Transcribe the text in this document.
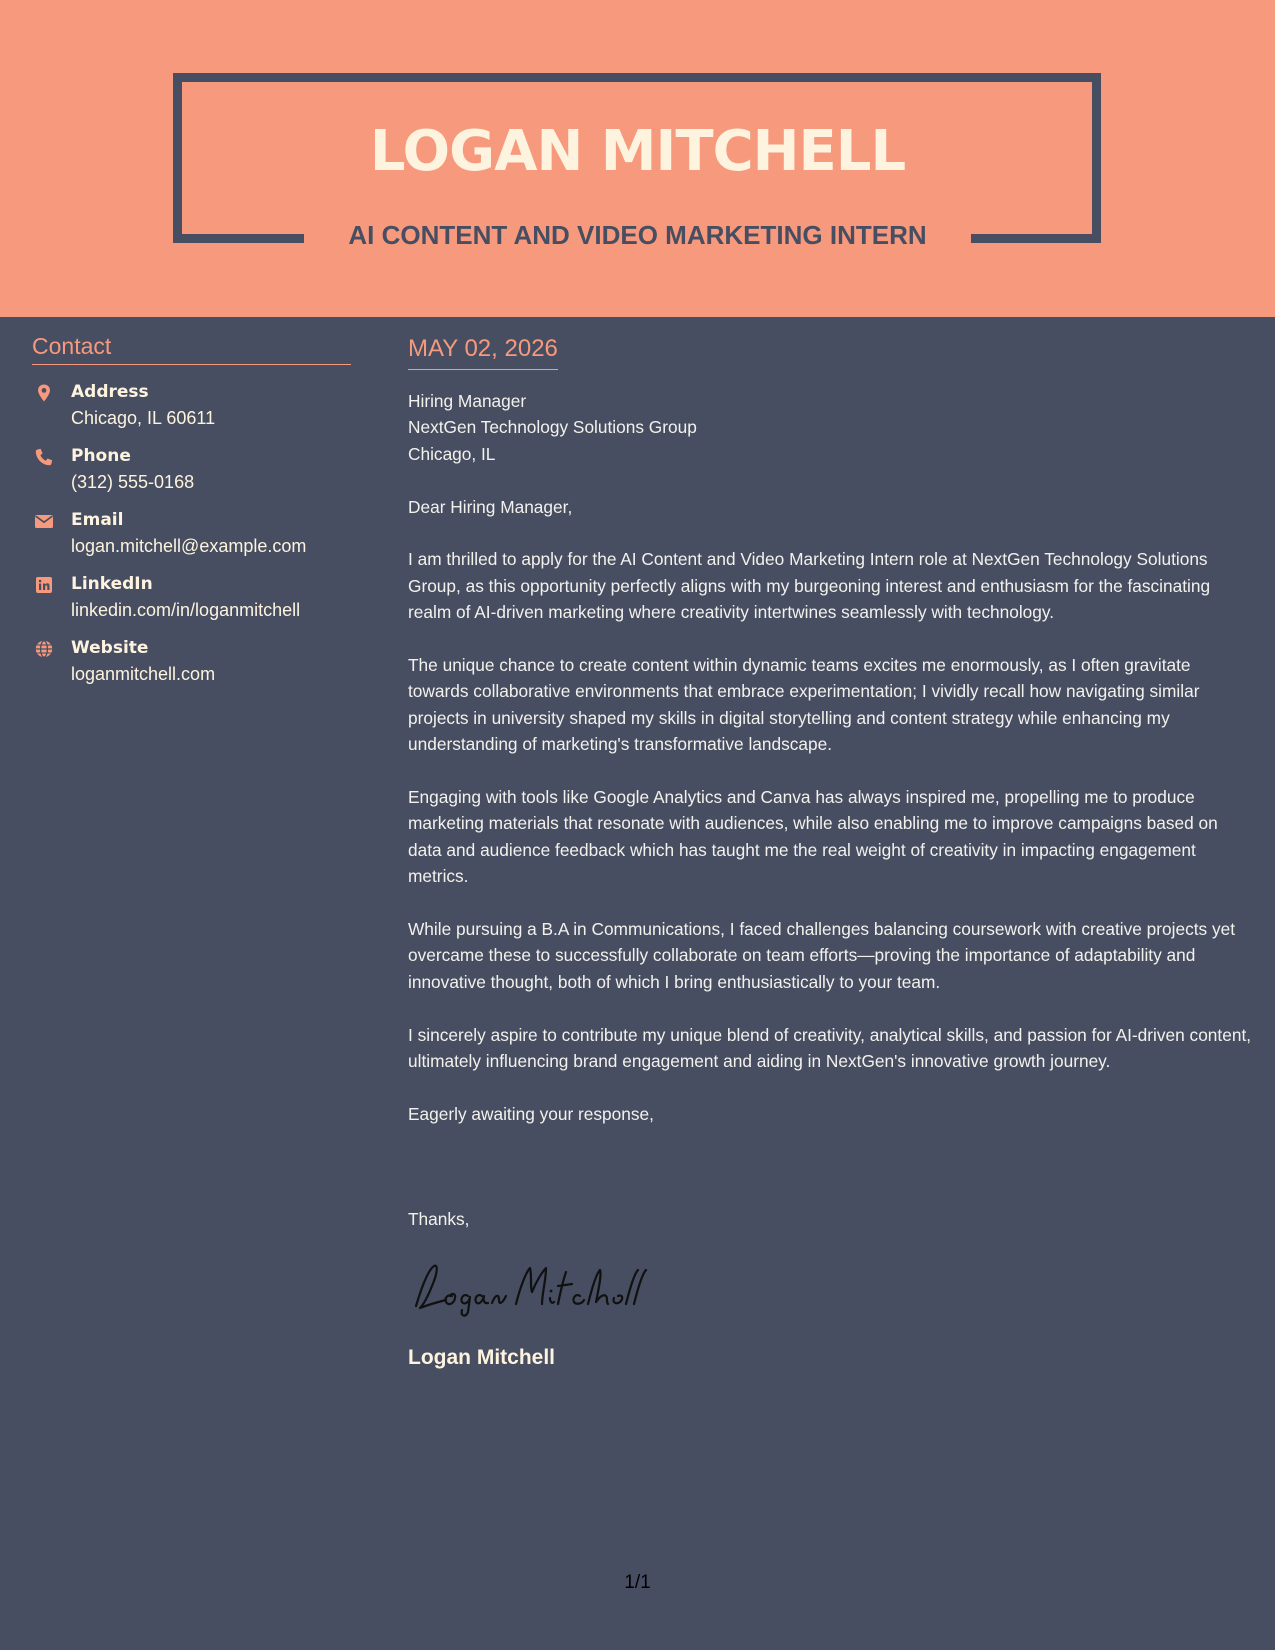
LOGAN MITCHELL
AI CONTENT AND VIDEO MARKETING INTERN
Contact
Address
Chicago, IL 60611
Phone
(312) 555-0168
Email
logan.mitchell@example.com
LinkedIn
linkedin.com/in/loganmitchell
Website
loganmitchell.com
MAY 02, 2026
Hiring Manager
NextGen Technology Solutions Group
Chicago, IL

Dear Hiring Manager,

I am thrilled to apply for the AI Content and Video Marketing Intern role at NextGen Technology Solutions Group, as this opportunity perfectly aligns with my burgeoning interest and enthusiasm for the fascinating realm of AI-driven marketing where creativity intertwines seamlessly with technology.

The unique chance to create content within dynamic teams excites me enormously, as I often gravitate towards collaborative environments that embrace experimentation; I vividly recall how navigating similar projects in university shaped my skills in digital storytelling and content strategy while enhancing my understanding of marketing's transformative landscape.

Engaging with tools like Google Analytics and Canva has always inspired me, propelling me to produce marketing materials that resonate with audiences, while also enabling me to improve campaigns based on data and audience feedback which has taught me the real weight of creativity in impacting engagement metrics.

While pursuing a B.A in Communications, I faced challenges balancing coursework with creative projects yet overcame these to successfully collaborate on team efforts—proving the importance of adaptability and innovative thought, both of which I bring enthusiastically to your team.

I sincerely aspire to contribute my unique blend of creativity, analytical skills, and passion for AI-driven content, ultimately influencing brand engagement and aiding in NextGen's innovative growth journey.

Eagerly awaiting your response,

Thanks,
Logan Mitchell
1/1
